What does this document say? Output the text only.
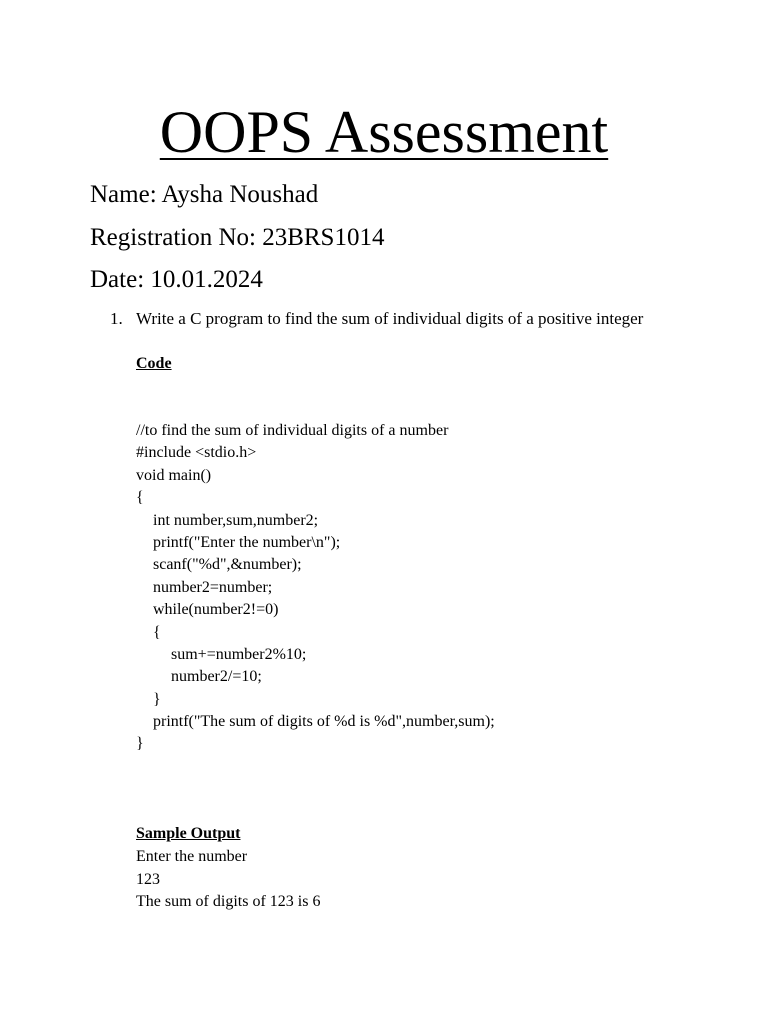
OOPS Assessment
Name: Aysha Noushad
Registration No: 23BRS1014
Date: 10.01.2024
1. Write a C program to find the sum of individual digits of a positive integer
Code
//to find the sum of individual digits of a number
#include <stdio.h>
void main()
{
int number,sum,number2;
printf("Enter the number\n");
scanf("%d",&number);
number2=number;
while(number2!=0)
{
sum+=number2%10;
number2/=10;
}
printf("The sum of digits of %d is %d",number,sum);
}
Sample Output
Enter the number
123
The sum of digits of 123 is 6
